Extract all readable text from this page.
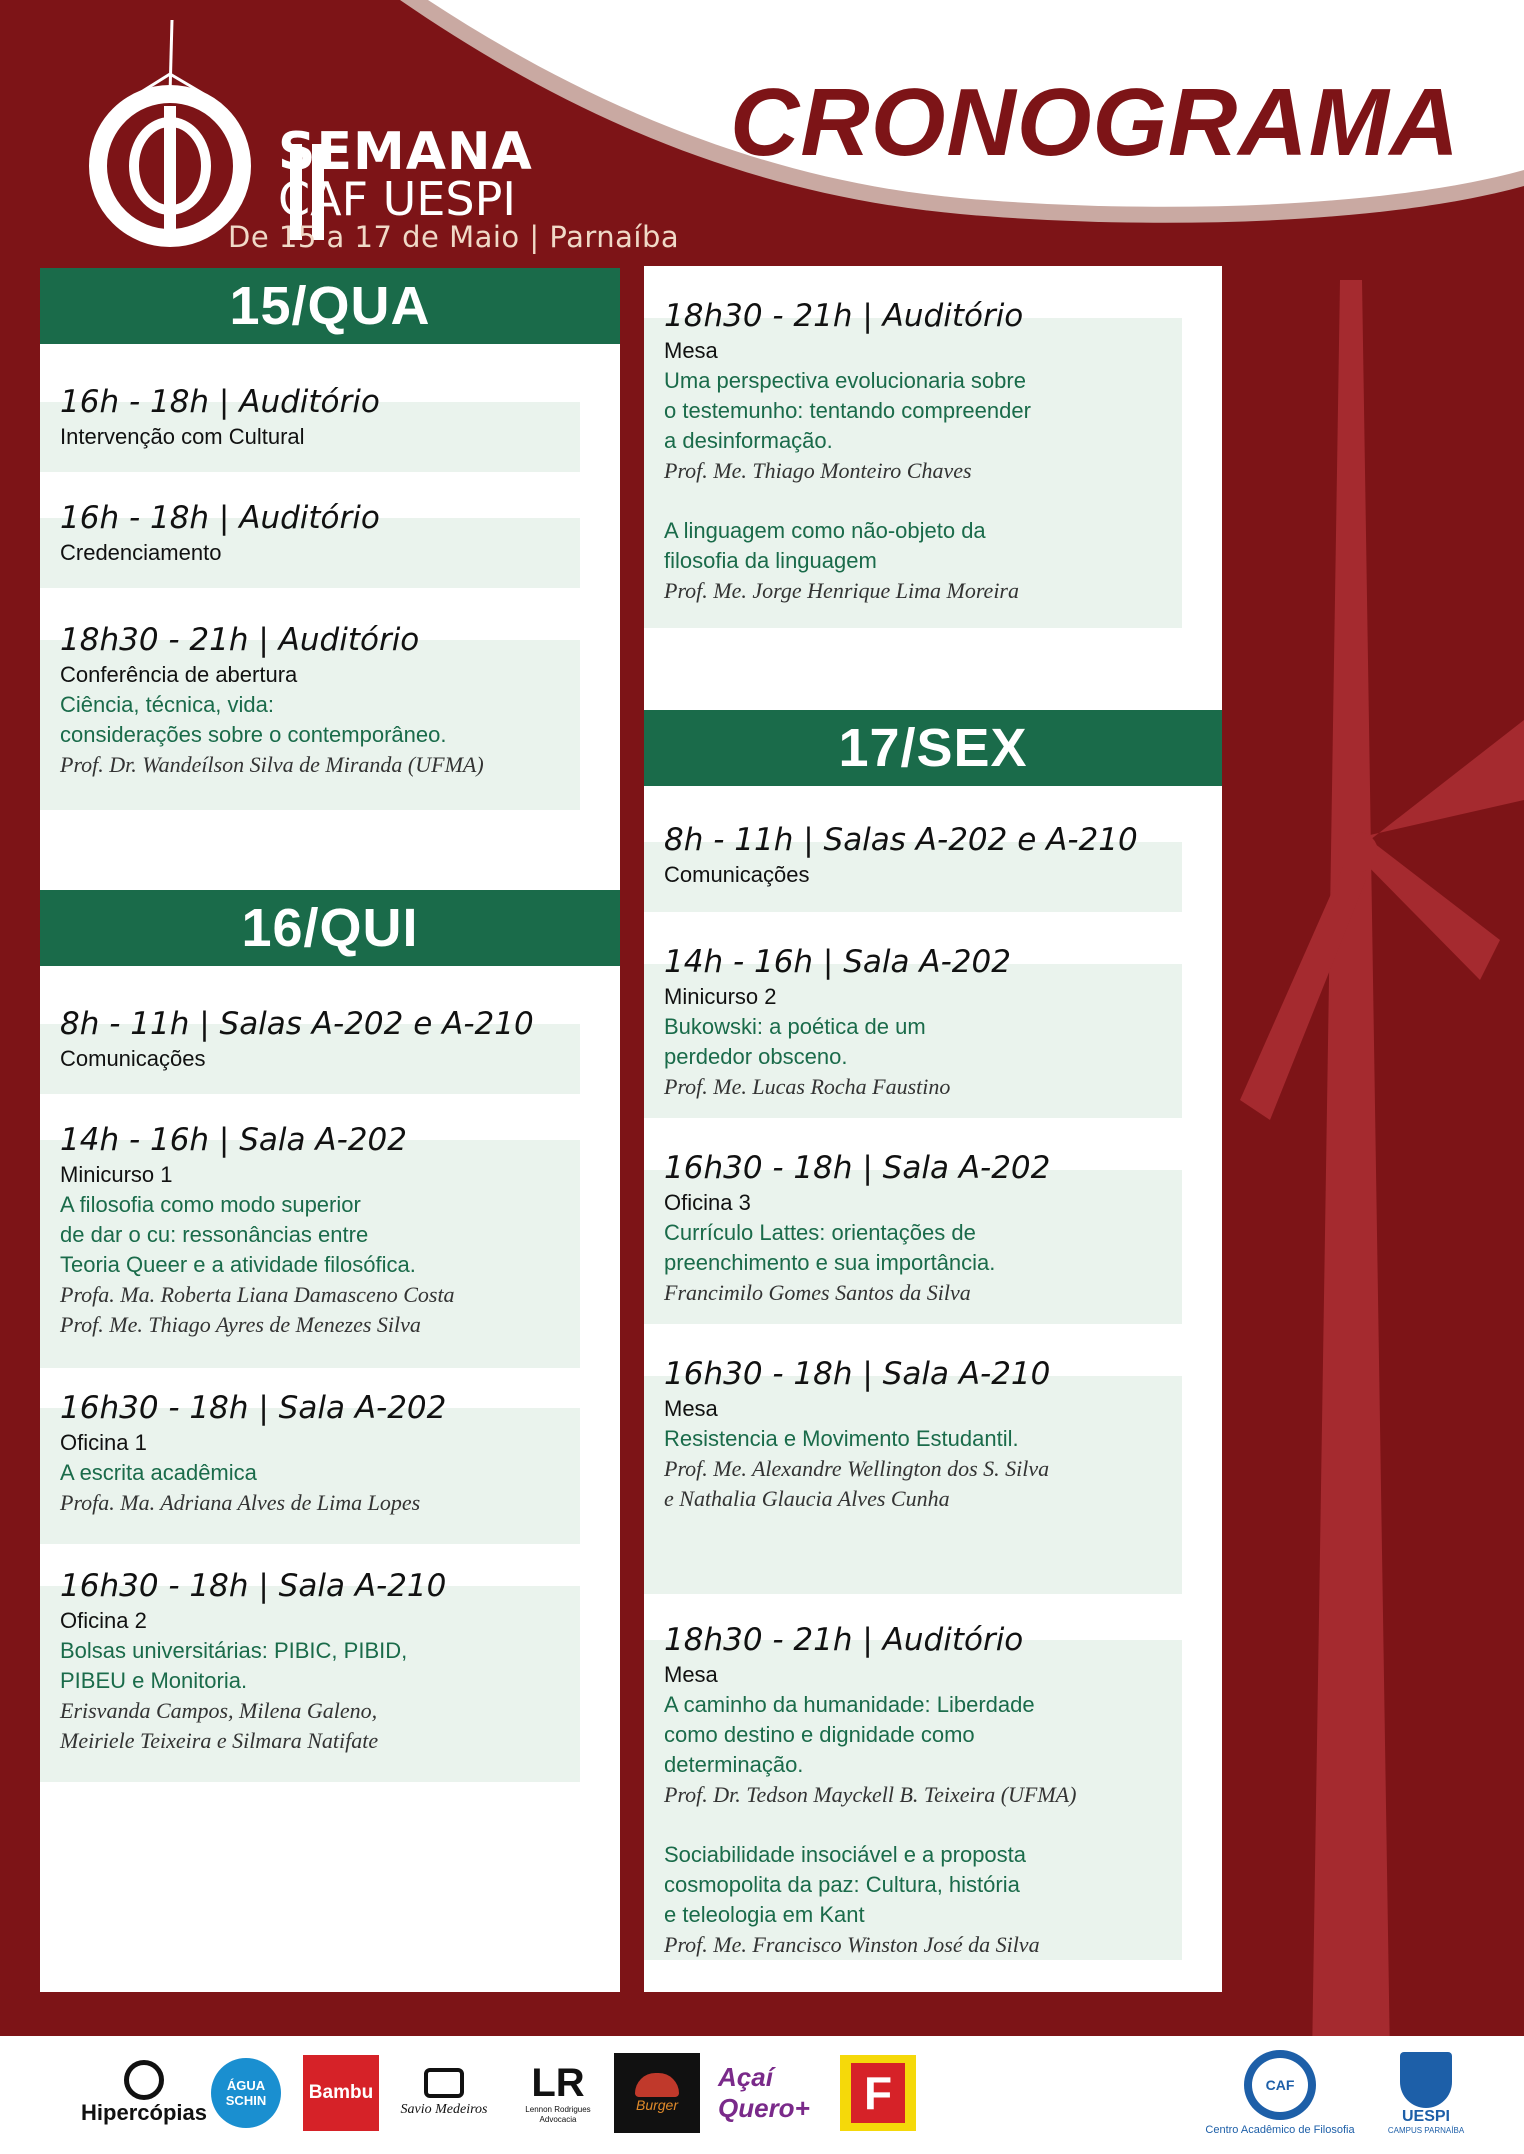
SEMANA
CAF UESPI
De 15 a 17 de Maio | Parnaíba
CRONOGRAMA
15/QUA
16h - 18h | Auditório
Intervenção com Cultural
16h - 18h | Auditório
Credenciamento
18h30 - 21h | Auditório
Conferência de abertura
Ciência, técnica, vida:
considerações sobre o contemporâneo.
Prof. Dr. Wandeílson Silva de Miranda (UFMA)
16/QUI
8h - 11h | Salas A-202 e A-210
Comunicações
14h - 16h | Sala A-202
Minicurso 1
A filosofia como modo superior
de dar o cu: ressonâncias entre
Teoria Queer e a atividade filosófica.
Profa. Ma. Roberta Liana Damasceno Costa
Prof. Me. Thiago Ayres de Menezes Silva
16h30 - 18h | Sala A-202
Oficina 1
A escrita acadêmica
Profa. Ma. Adriana Alves de Lima Lopes
16h30 - 18h | Sala A-210
Oficina 2
Bolsas universitárias: PIBIC, PIBID,
PIBEU e Monitoria.
Erisvanda Campos, Milena Galeno,
Meiriele Teixeira e Silmara Natifate
18h30 - 21h | Auditório
Mesa
Uma perspectiva evolucionaria sobre
o testemunho: tentando compreender
a desinformação.
Prof. Me. Thiago Monteiro Chaves
A linguagem como não-objeto da
filosofia da linguagem
Prof. Me. Jorge Henrique Lima Moreira
17/SEX
8h - 11h | Salas A-202 e A-210
Comunicações
14h - 16h | Sala A-202
Minicurso 2
Bukowski: a poética de um
perdedor obsceno.
Prof. Me. Lucas Rocha Faustino
16h30 - 18h | Sala A-202
Oficina 3
Currículo Lattes: orientações de
preenchimento e sua importância.
Francimilo Gomes Santos da Silva
16h30 - 18h | Sala A-210
Mesa
Resistencia e Movimento Estudantil.
Prof. Me. Alexandre Wellington dos S. Silva
e Nathalia Glaucia Alves Cunha
18h30 - 21h | Auditório
Mesa
A caminho da humanidade: Liberdade
como destino e dignidade como
determinação.
Prof. Dr. Tedson Mayckell B. Teixeira (UFMA)
Sociabilidade insociável e a proposta
cosmopolita da paz: Cultura, história
e teleologia em Kant
Prof. Me. Francisco Winston José da Silva
Hipercópias
ÁGUA SCHIN	Bambu
Savio Medeiros
LR
Lennon Rodrigues Advocacia
Burger
Açaí Quero+	F	CAF
Centro Acadêmico de Filosofia
UESPI
CAMPUS PARNAÍBA
